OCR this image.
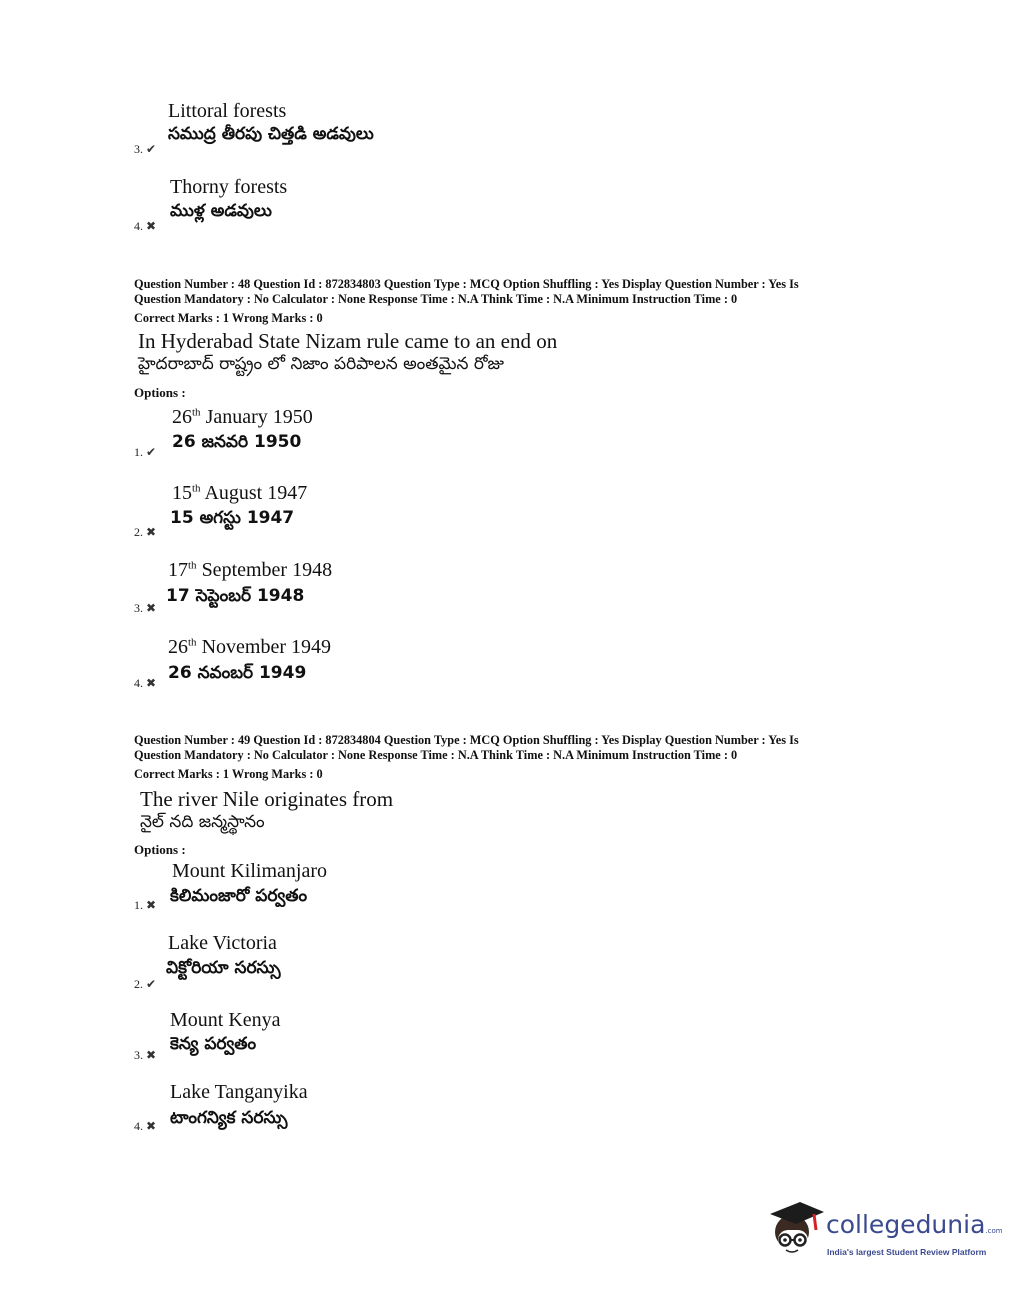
Littoral forests
సముద్ర తీరపు చిత్తడి అడవులు
3. ✔
Thorny forests
ముళ్ల అడవులు
4. ✖
Question Number : 48 Question Id : 872834803 Question Type : MCQ Option Shuffling : Yes Display Question Number : Yes Is
Question Mandatory : No Calculator : None Response Time : N.A Think Time : N.A Minimum Instruction Time : 0
Correct Marks : 1 Wrong Marks : 0
In Hyderabad State Nizam rule came to an end on
హైదరాబాద్ రాష్ట్రం లో నిజాం పరిపాలన అంతమైన రోజు
Options :
26th January 1950
26 జనవరి 1950
1. ✔
15th August 1947
15 అగస్టు 1947
2. ✖
17th September 1948
17 సెప్టెంబర్ 1948
3. ✖
26th November 1949
26 నవంబర్ 1949
4. ✖
Question Number : 49 Question Id : 872834804 Question Type : MCQ Option Shuffling : Yes Display Question Number : Yes Is
Question Mandatory : No Calculator : None Response Time : N.A Think Time : N.A Minimum Instruction Time : 0
Correct Marks : 1 Wrong Marks : 0
The river Nile originates from
నైల్ నది జన్మస్థానం
Options :
Mount Kilimanjaro
కిలిమంజారో పర్వతం
1. ✖
Lake Victoria
విక్టోరియా సరస్సు
2. ✔
Mount Kenya
కెన్య పర్వతం
3. ✖
Lake Tanganyika
టాంగన్యిక సరస్సు
4. ✖
collegedunia.com
India's largest Student Review Platform
